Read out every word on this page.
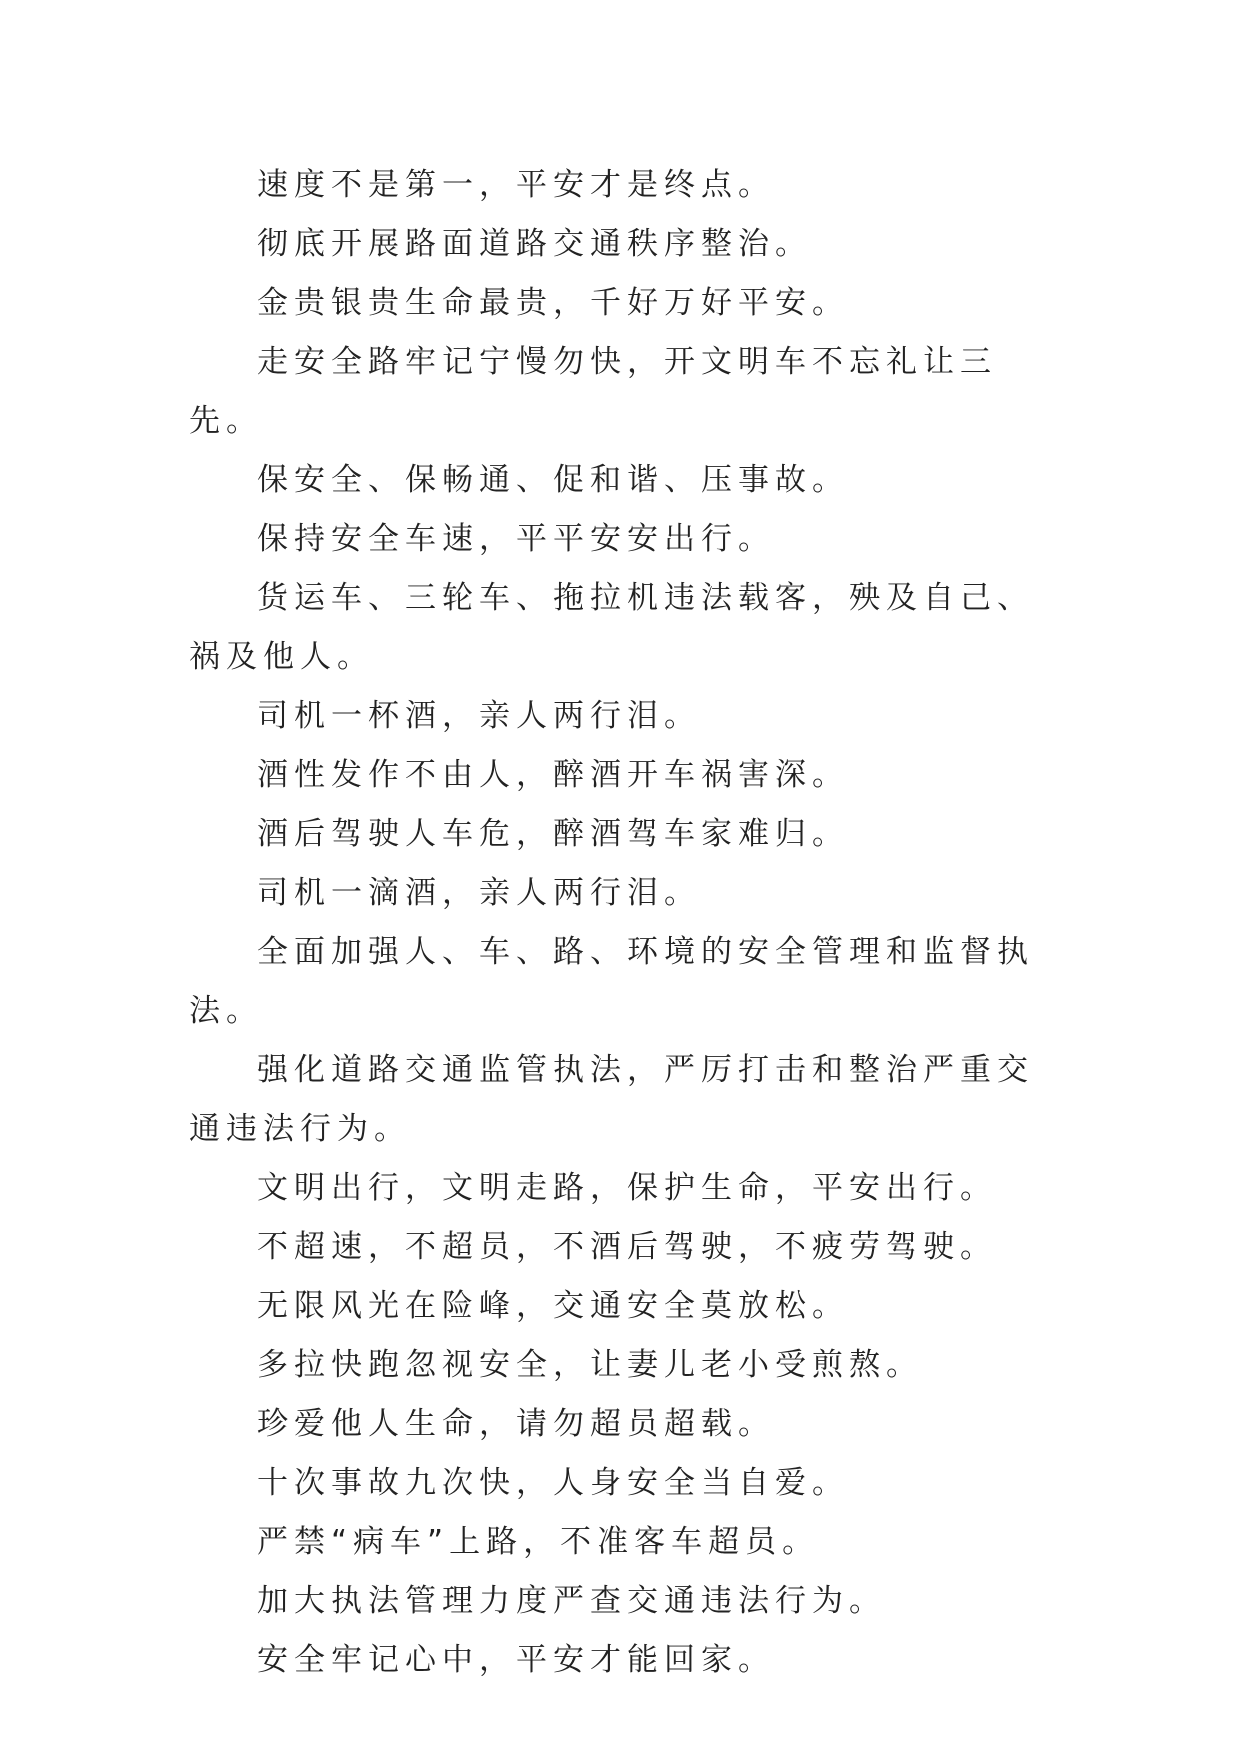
速度不是第一，平安才是终点。

彻底开展路面道路交通秩序整治。

金贵银贵生命最贵，千好万好平安。

走安全路牢记宁慢勿快，开文明车不忘礼让三先。

保安全、保畅通、促和谐、压事故。

保持安全车速，平平安安出行。

货运车、三轮车、拖拉机违法载客，殃及自己、祸及他人。

司机一杯酒，亲人两行泪。

酒性发作不由人，醉酒开车祸害深。

酒后驾驶人车危，醉酒驾车家难归。

司机一滴酒，亲人两行泪。

全面加强人、车、路、环境的安全管理和监督执法。

强化道路交通监管执法，严厉打击和整治严重交通违法行为。

文明出行，文明走路，保护生命，平安出行。

不超速，不超员，不酒后驾驶，不疲劳驾驶。

无限风光在险峰，交通安全莫放松。

多拉快跑忽视安全，让妻儿老小受煎熬。

珍爱他人生命，请勿超员超载。

十次事故九次快，人身安全当自爱。

严禁“病车”上路，不准客车超员。

加大执法管理力度严查交通违法行为。

安全牢记心中，平安才能回家。
